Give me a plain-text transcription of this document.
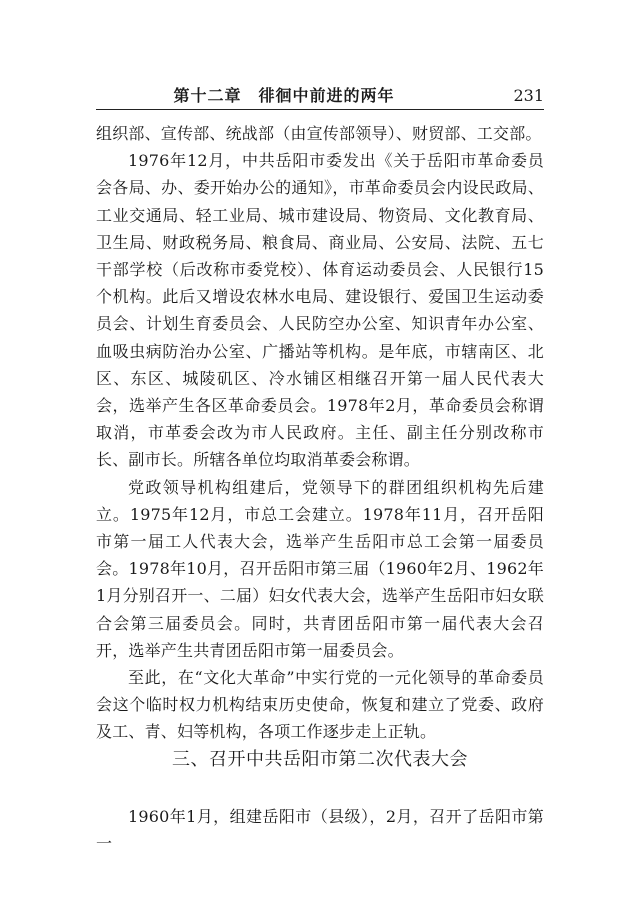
第十二章　徘徊中前进的两年	231

组织部、宣传部、统战部（由宣传部领导）、财贸部、工交部。

1976年12月，中共岳阳市委发出《关于岳阳市革命委员会各局、办、委开始办公的通知》，市革命委员会内设民政局、工业交通局、轻工业局、城市建设局、物资局、文化教育局、卫生局、财政税务局、粮食局、商业局、公安局、法院、五七干部学校（后改称市委党校）、体育运动委员会、人民银行15个机构。此后又增设农林水电局、建设银行、爱国卫生运动委员会、计划生育委员会、人民防空办公室、知识青年办公室、血吸虫病防治办公室、广播站等机构。是年底，市辖南区、北区、东区、城陵矶区、冷水铺区相继召开第一届人民代表大会，选举产生各区革命委员会。1978年2月，革命委员会称谓取消，市革委会改为市人民政府。主任、副主任分别改称市长、副市长。所辖各单位均取消革委会称谓。

党政领导机构组建后，党领导下的群团组织机构先后建立。1975年12月，市总工会建立。1978年11月，召开岳阳市第一届工人代表大会，选举产生岳阳市总工会第一届委员会。1978年10月，召开岳阳市第三届（1960年2月、1962年1月分别召开一、二届）妇女代表大会，选举产生岳阳市妇女联合会第三届委员会。同时，共青团岳阳市第一届代表大会召开，选举产生共青团岳阳市第一届委员会。

至此，在“文化大革命”中实行党的一元化领导的革命委员会这个临时权力机构结束历史使命，恢复和建立了党委、政府及工、青、妇等机构，各项工作逐步走上正轨。

三、召开中共岳阳市第二次代表大会

1960年1月，组建岳阳市（县级），2月，召开了岳阳市第一
